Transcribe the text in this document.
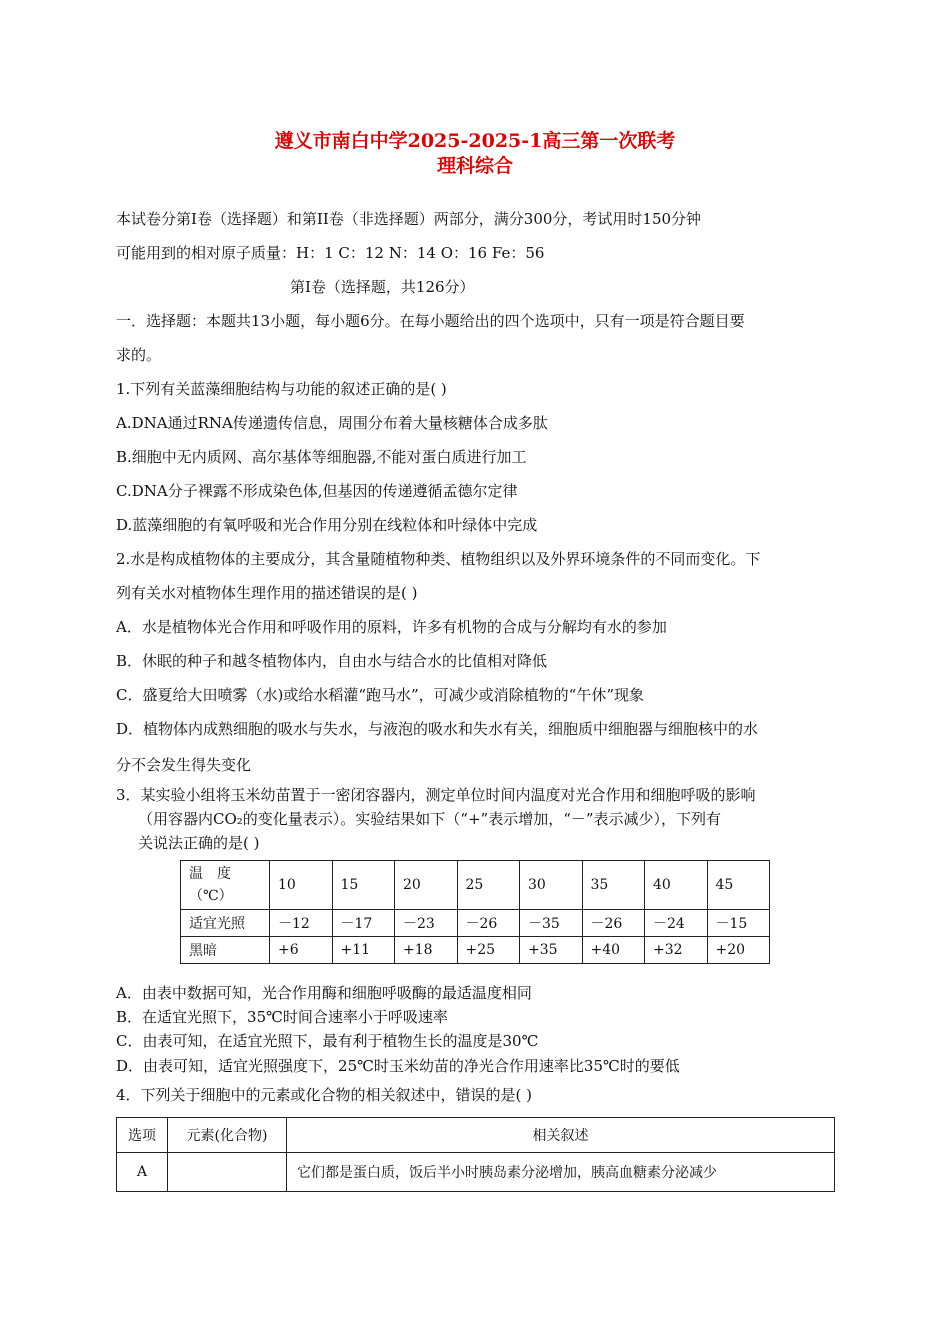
遵义市南白中学2025-2025-1高三第一次联考
理科综合
本试卷分第Ⅰ卷（选择题）和第II卷（非选择题）两部分，满分300分，考试用时150分钟
可能用到的相对原子质量：H：1 C：12 N：14 O：16 Fe：56
第Ⅰ卷（选择题，共126分）
一．选择题：本题共13小题，每小题6分。在每小题给出的四个选项中，只有一项是符合题目要
求的。
1.下列有关蓝藻细胞结构与功能的叙述正确的是( )
A.DNA通过RNA传递遗传信息，周围分布着大量核糖体合成多肽
B.细胞中无内质网、高尔基体等细胞器,不能对蛋白质进行加工
C.DNA分子裸露不形成染色体,但基因的传递遵循孟德尔定律
D.蓝藻细胞的有氧呼吸和光合作用分别在线粒体和叶绿体中完成
2.水是构成植物体的主要成分，其含量随植物种类、植物组织以及外界环境条件的不同而变化。下
列有关水对植物体生理作用的描述错误的是( )
A．水是植物体光合作用和呼吸作用的原料，许多有机物的合成与分解均有水的参加
B．休眠的种子和越冬植物体内，自由水与结合水的比值相对降低
C．盛夏给大田喷雾（水)或给水稻灌“跑马水”，可减少或消除植物的“午休”现象
D．植物体内成熟细胞的吸水与失水，与液泡的吸水和失水有关，细胞质中细胞器与细胞核中的水
分不会发生得失变化
3．某实验小组将玉米幼苗置于一密闭容器内，测定单位时间内温度对光合作用和细胞呼吸的影响
（用容器内CO₂的变化量表示）。实验结果如下（“+”表示增加，“－”表示减少），下列有
关说法正确的是( )
温　度　（℃）	10	15	20	25	30	35	40	45
适宜光照	－12	－17	－23	－26	－35	－26	－24	－15
黑暗	+6	+11	+18	+25	+35	+40	+32	+20
A．由表中数据可知，光合作用酶和细胞呼吸酶的最适温度相同
B．在适宜光照下，35℃时间合速率小于呼吸速率
C．由表可知，在适宜光照下，最有利于植物生长的温度是30℃
D．由表可知，适宜光照强度下，25℃时玉米幼苗的净光合作用速率比35℃时的要低
4．下列关于细胞中的元素或化合物的相关叙述中，错误的是( )
选项	元素(化合物)	相关叙述
A		它们都是蛋白质，饭后半小时胰岛素分泌增加，胰高血糖素分泌减少
